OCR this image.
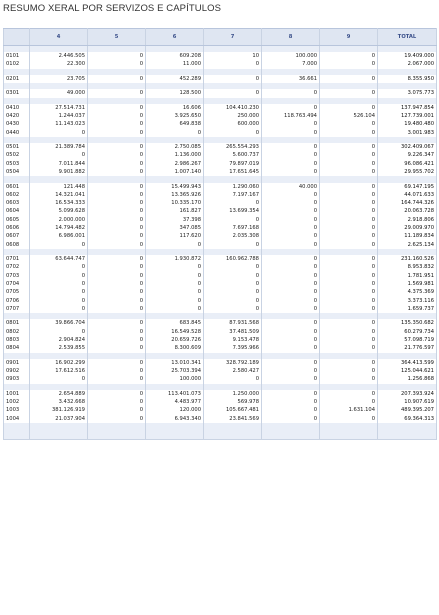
RESUMO XERAL POR SERVIZOS E CAPÍTULOS
	4	5	6	7	8	9	TOTAL

0101	2.446.505	0	609.208	10	100.000	0	19.409.000
0102	22.300	0	11.000	0	7.000	0	2.067.000

0201	23.705	0	452.289	0	36.661	0	8.355.950

0301	49.000	0	128.500	0	0	0	3.075.773

0410	27.514.731	0	16.606	104.410.230	0	0	137.947.854
0420	1.244.037	0	3.925.650	250.000	118.763.494	526.104	127.739.001
0430	11.143.023	0	649.838	600.000	0	0	19.480.480
0440	0	0	0	0	0	0	3.001.983

0501	21.389.784	0	2.750.085	265.554.293	0	0	302.409.067
0502	0	0	1.136.000	5.600.737	0	0	9.226.347
0503	7.011.844	0	2.986.267	79.897.019	0	0	96.086.421
0504	9.901.882	0	1.007.140	17.651.645	0	0	29.955.702

0601	121.448	0	15.499.943	1.290.060	40.000	0	69.147.195
0602	14.321.041	0	13.365.926	7.197.167	0	0	44.071.633
0603	16.534.333	0	10.335.170	0	0	0	164.744.326
0604	5.099.628	0	161.827	13.699.354	0	0	20.063.728
0605	2.000.000	0	37.398	0	0	0	2.918.806
0606	14.794.482	0	347.085	7.697.168	0	0	29.009.970
0607	6.986.001	0	117.620	2.035.308	0	0	11.189.834
0608	0	0	0	0	0	0	2.625.134

0701	63.644.747	0	1.930.872	160.962.788	0	0	231.160.526
0702	0	0	0	0	0	0	8.953.832
0703	0	0	0	0	0	0	1.781.951
0704	0	0	0	0	0	0	1.569.981
0705	0	0	0	0	0	0	4.375.369
0706	0	0	0	0	0	0	3.373.116
0707	0	0	0	0	0	0	1.659.737

0801	39.866.704	0	683.845	87.931.568	0	0	135.350.682
0802	0	0	16.549.528	37.481.509	0	0	60.279.734
0803	2.904.824	0	20.659.726	9.153.478	0	0	57.098.719
0804	2.539.855	0	8.300.609	7.395.966	0	0	21.776.597

0901	16.902.299	0	13.010.341	328.792.189	0	0	364.413.599
0902	17.612.516	0	25.703.394	2.580.427	0	0	125.044.621
0903	0	0	100.000	0	0	0	1.256.868

1001	2.654.889	0	113.401.073	1.250.000	0	0	207.393.924
1002	3.432.668	0	4.483.977	569.978	0	0	10.907.619
1003	381.126.919	0	120.000	105.667.481	0	1.631.104	489.395.207
1004	21.037.904	0	6.943.340	23.841.569	0	0	69.364.313
